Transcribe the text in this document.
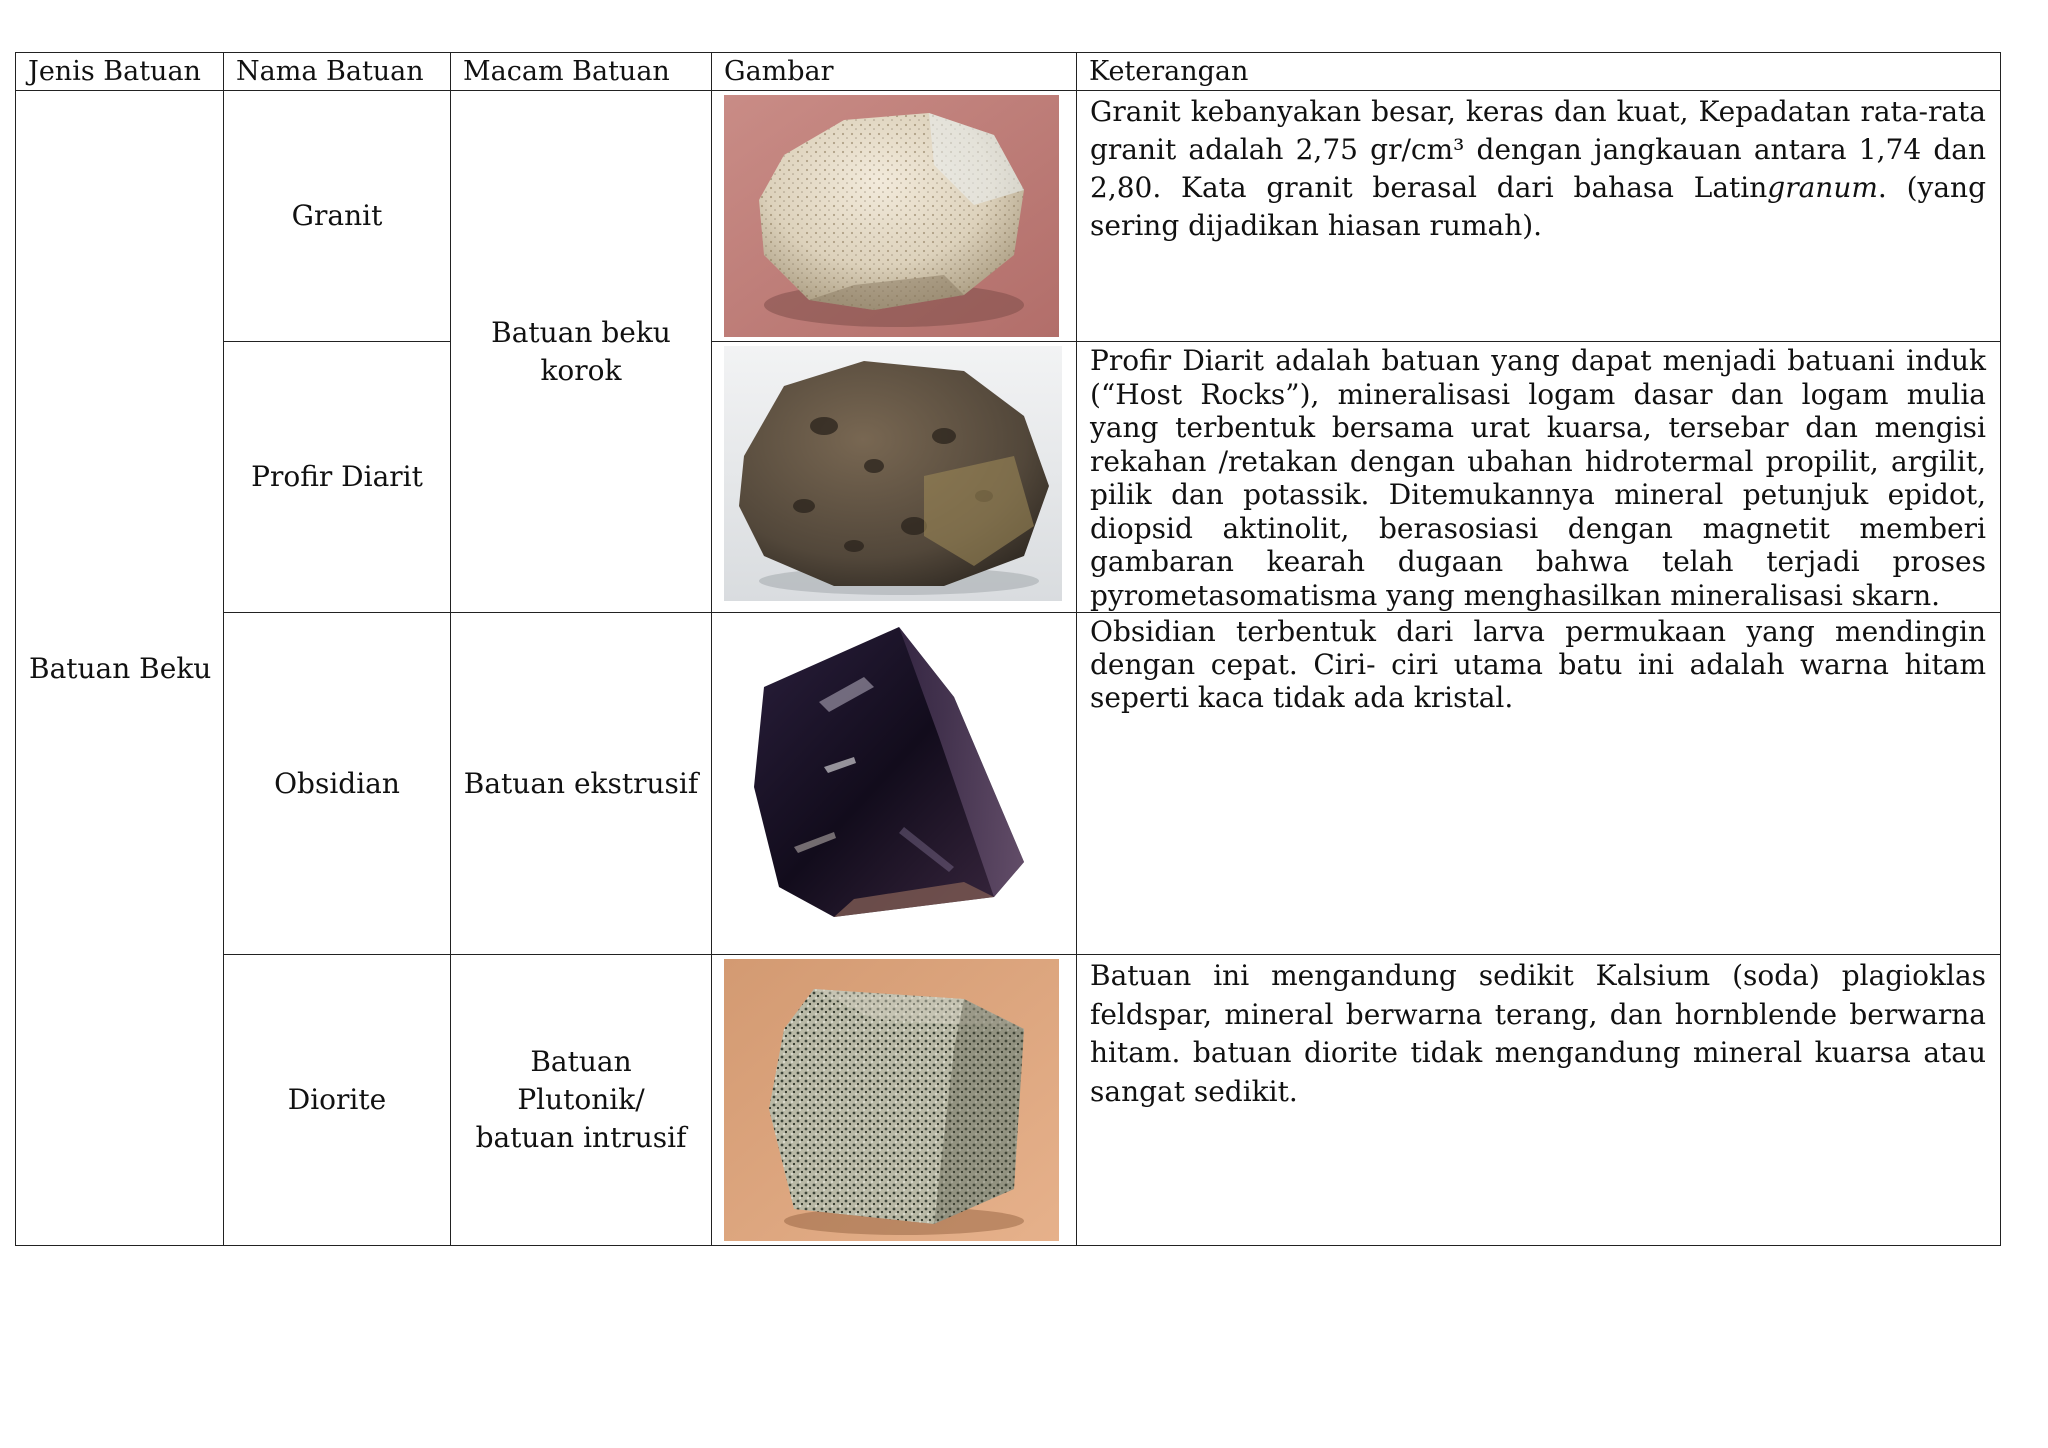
Jenis Batuan	Nama Batuan	Macam Batuan	Gambar	Keterangan
Batuan Beku	Granit	Batuan beku korok		Granit kebanyakan besar, keras dan kuat, Kepadatan rata-rata granit adalah 2,75 gr/cm³ dengan jangkauan antara 1,74 dan 2,80. Kata granit berasal dari bahasa Latingranum. (yang sering dijadikan hiasan rumah).
	Profir Diarit			Profir Diarit adalah batuan yang dapat menjadi batuani induk (“Host Rocks”), mineralisasi logam dasar dan logam mulia yang terbentuk bersama urat kuarsa, tersebar dan mengisi rekahan /retakan dengan ubahan hidrotermal propilit, argilit, pilik dan potassik. Ditemukannya mineral petunjuk epidot, diopsid aktinolit, berasosiasi dengan magnetit memberi gambaran kearah dugaan bahwa telah terjadi proses pyrometasomatisma yang menghasilkan mineralisasi skarn.
	Obsidian	Batuan ekstrusif		Obsidian terbentuk dari larva permukaan yang mendingin dengan cepat. Ciri- ciri utama batu ini adalah warna hitam seperti kaca tidak ada kristal.
	Diorite	Batuan Plutonik/ batuan intrusif		Batuan ini mengandung sedikit Kalsium (soda) plagioklas feldspar, mineral berwarna terang, dan hornblende berwarna hitam. batuan diorite tidak mengandung mineral kuarsa atau sangat sedikit.
